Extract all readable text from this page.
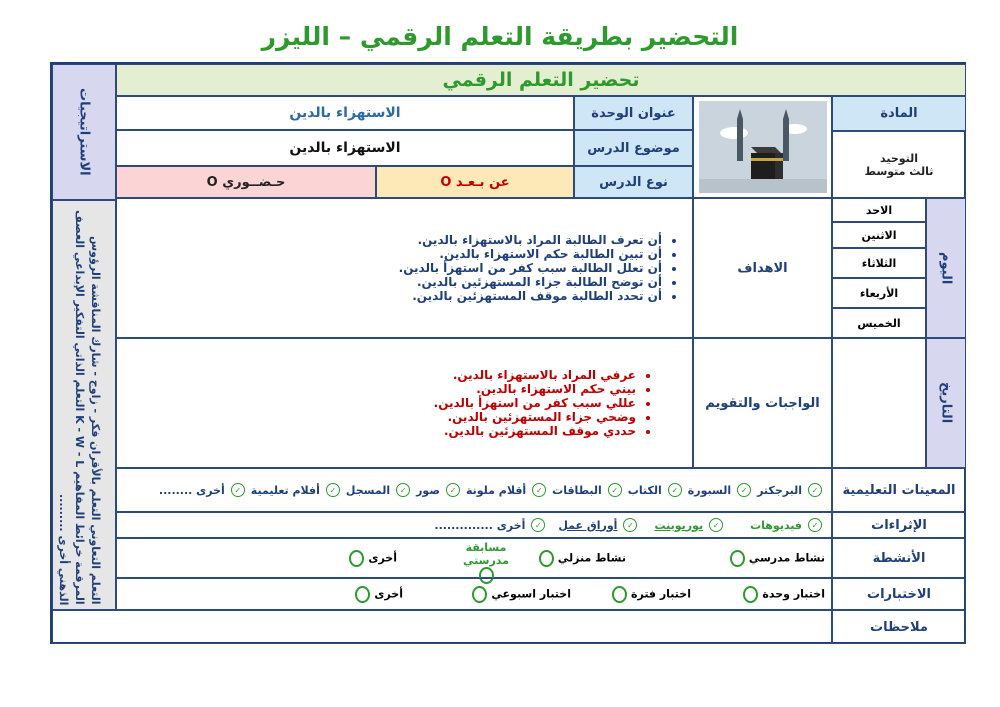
التحضير بطريقة التعلم الرقمي – الليزر
الاستراتيجيات
التعلم التعاوني التعلم بالأقران فكر - زاوج - شارك المناقشة الرؤوس المرقمة خرائط المفاهيم K - W - L التعلم الذاتي التفكير الإبداعي العصف الذهني أخرى .........
تحضير التعلم الرقمي
المادة
التوحيد
ثالث متوسط
عنوان الوحدة
الاستهزاء بالدين
موضوع الدرس
الاستهزاء بالدين
نوع الدرس
عن بـعـد O
حـضــوري O
اليوم
التاريخ
الاحد
الاثنين
الثلاثاء
الأربعاء
الخميس
الاهداف
• أن تعرف الطالبة المراد بالاستهزاء بالدين.
• أن تبين الطالبة حكم الاستهزاء بالدين.
• أن تعلل الطالبة سبب كفر من استهزأ بالدين.
• أن توضح الطالبة جزاء المستهزئين بالدين.
• أن تحدد الطالبة موقف المستهزئين بالدين.
الواجبات والتقويم
• عرفي المراد بالاستهزاء بالدين.
• بيني حكم الاستهزاء بالدين.
• عللي سبب كفر من استهزأ بالدين.
• وضحي جزاء المستهزئين بالدين.
• حددي موقف المستهزئين بالدين.
المعينات التعليمية
✓
البرجكتر
✓
السبورة
✓
الكتاب
✓
البطاقات
✓
أقلام ملونة
✓
صور
✓
المسجل
✓
أفلام تعليمية
✓
أخرى ........
الإثراءات
✓
فيديوهات
✓
بوربوينت
✓
أوراق عمل
✓
أخرى ..............
الأنشطة
نشاط مدرسي
نشاط منزلي
مسابقة مدرستي
أخرى
الاختبارات
اختبار وحدة
اختبار فترة
اختبار اسبوعي
أخرى
ملاحظات
